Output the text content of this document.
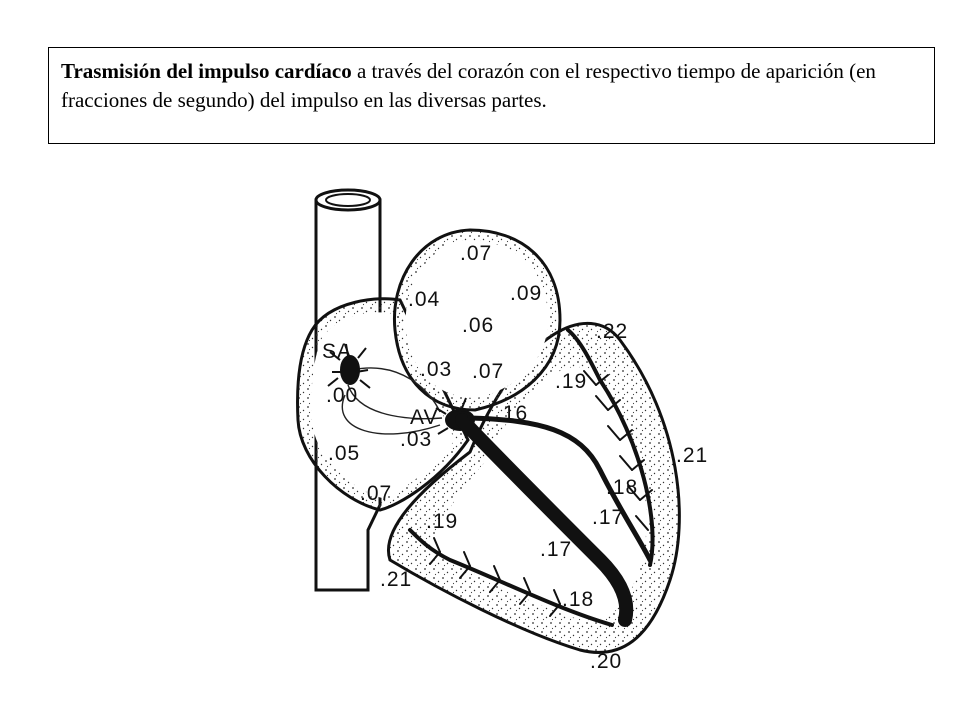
Trasmisión del impulso cardíaco a través del corazón con el respectivo tiempo de aparición (en fracciones de segundo) del impulso en las diversas partes.
SA
AV
.07
.04	.09
.06
.03 .07
.00
.03
.05
.07
.16
.22
.19
.21
.18
.17
.19
.17
.21
.18
.20
